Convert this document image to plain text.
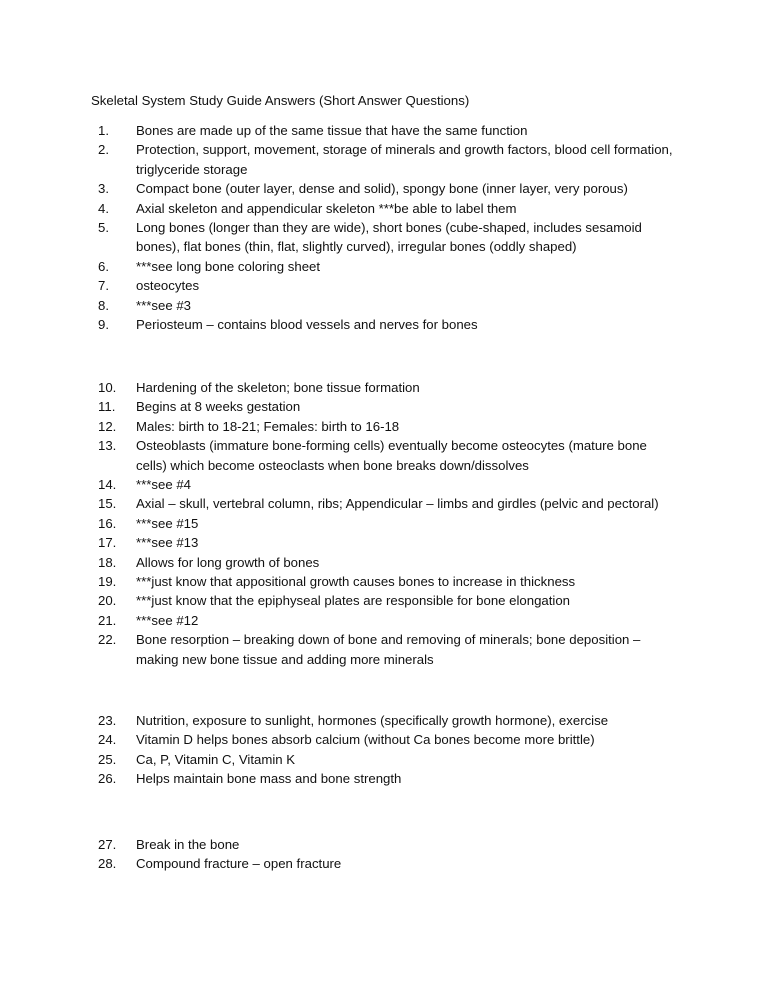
Skeletal System Study Guide Answers (Short Answer Questions)
1.	Bones are made up of the same tissue that have the same function
2.	Protection, support, movement, storage of minerals and growth factors, blood cell formation, triglyceride storage
3.	Compact bone (outer layer, dense and solid), spongy bone (inner layer, very porous)
4.	Axial skeleton and appendicular skeleton ***be able to label them
5.	Long bones (longer than they are wide), short bones (cube-shaped, includes sesamoid bones), flat bones (thin, flat, slightly curved), irregular bones (oddly shaped)
6.	***see long bone coloring sheet
7.	osteocytes
8.	***see #3
9.	Periosteum – contains blood vessels and nerves for bones
10.	Hardening of the skeleton; bone tissue formation
11.	Begins at 8 weeks gestation
12.	Males: birth to 18-21; Females: birth to 16-18
13.	Osteoblasts (immature bone-forming cells) eventually become osteocytes (mature bone cells) which become osteoclasts when bone breaks down/dissolves
14.	***see #4
15.	Axial – skull, vertebral column, ribs; Appendicular – limbs and girdles (pelvic and pectoral)
16.	***see #15
17.	***see #13
18.	Allows for long growth of bones
19.	***just know that appositional growth causes bones to increase in thickness
20.	***just know that the epiphyseal plates are responsible for bone elongation
21.	***see #12
22.	Bone resorption – breaking down of bone and removing of minerals; bone deposition – making new bone tissue and adding more minerals
23.	Nutrition, exposure to sunlight, hormones (specifically growth hormone), exercise
24.	Vitamin D helps bones absorb calcium (without Ca bones become more brittle)
25.	Ca, P, Vitamin C, Vitamin K
26.	Helps maintain bone mass and bone strength
27.	Break in the bone
28.	Compound fracture – open fracture
